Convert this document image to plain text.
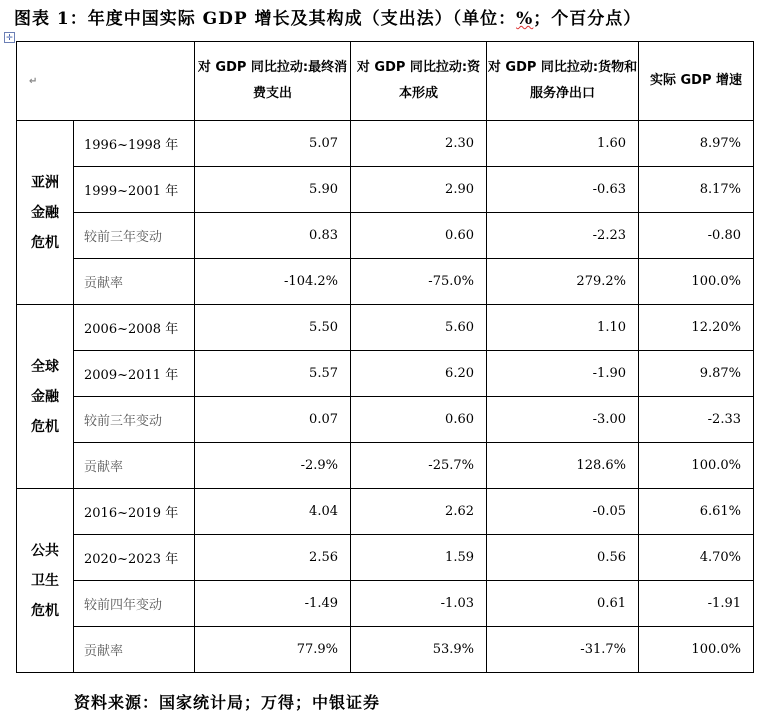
图表 1：年度中国实际 GDP 增长及其构成（支出法）（单位：%；个百分点）
✛
↵		对 GDP 同比拉动:最终消费支出	对 GDP 同比拉动:资本形成	对 GDP 同比拉动:货物和服务净出口	实际 GDP 增速

亚洲
金融
危机	1996~1998 年	5.07	2.30	1.60	8.97%
	1999~2001 年	5.90	2.90	-0.63	8.17%
	较前三年变动	0.83	0.60	-2.23	-0.80
	贡献率	-104.2%	-75.0%	279.2%	100.0%

全球
金融
危机	2006~2008 年	5.50	5.60	1.10	12.20%
	2009~2011 年	5.57	6.20	-1.90	9.87%
	较前三年变动	0.07	0.60	-3.00	-2.33
	贡献率	-2.9%	-25.7%	128.6%	100.0%

公共
卫生
危机	2016~2019 年	4.04	2.62	-0.05	6.61%
	2020~2023 年	2.56	1.59	0.56	4.70%
	较前四年变动	-1.49	-1.03	0.61	-1.91
	贡献率	77.9%	53.9%	-31.7%	100.0%
资料来源：国家统计局；万得；中银证券
